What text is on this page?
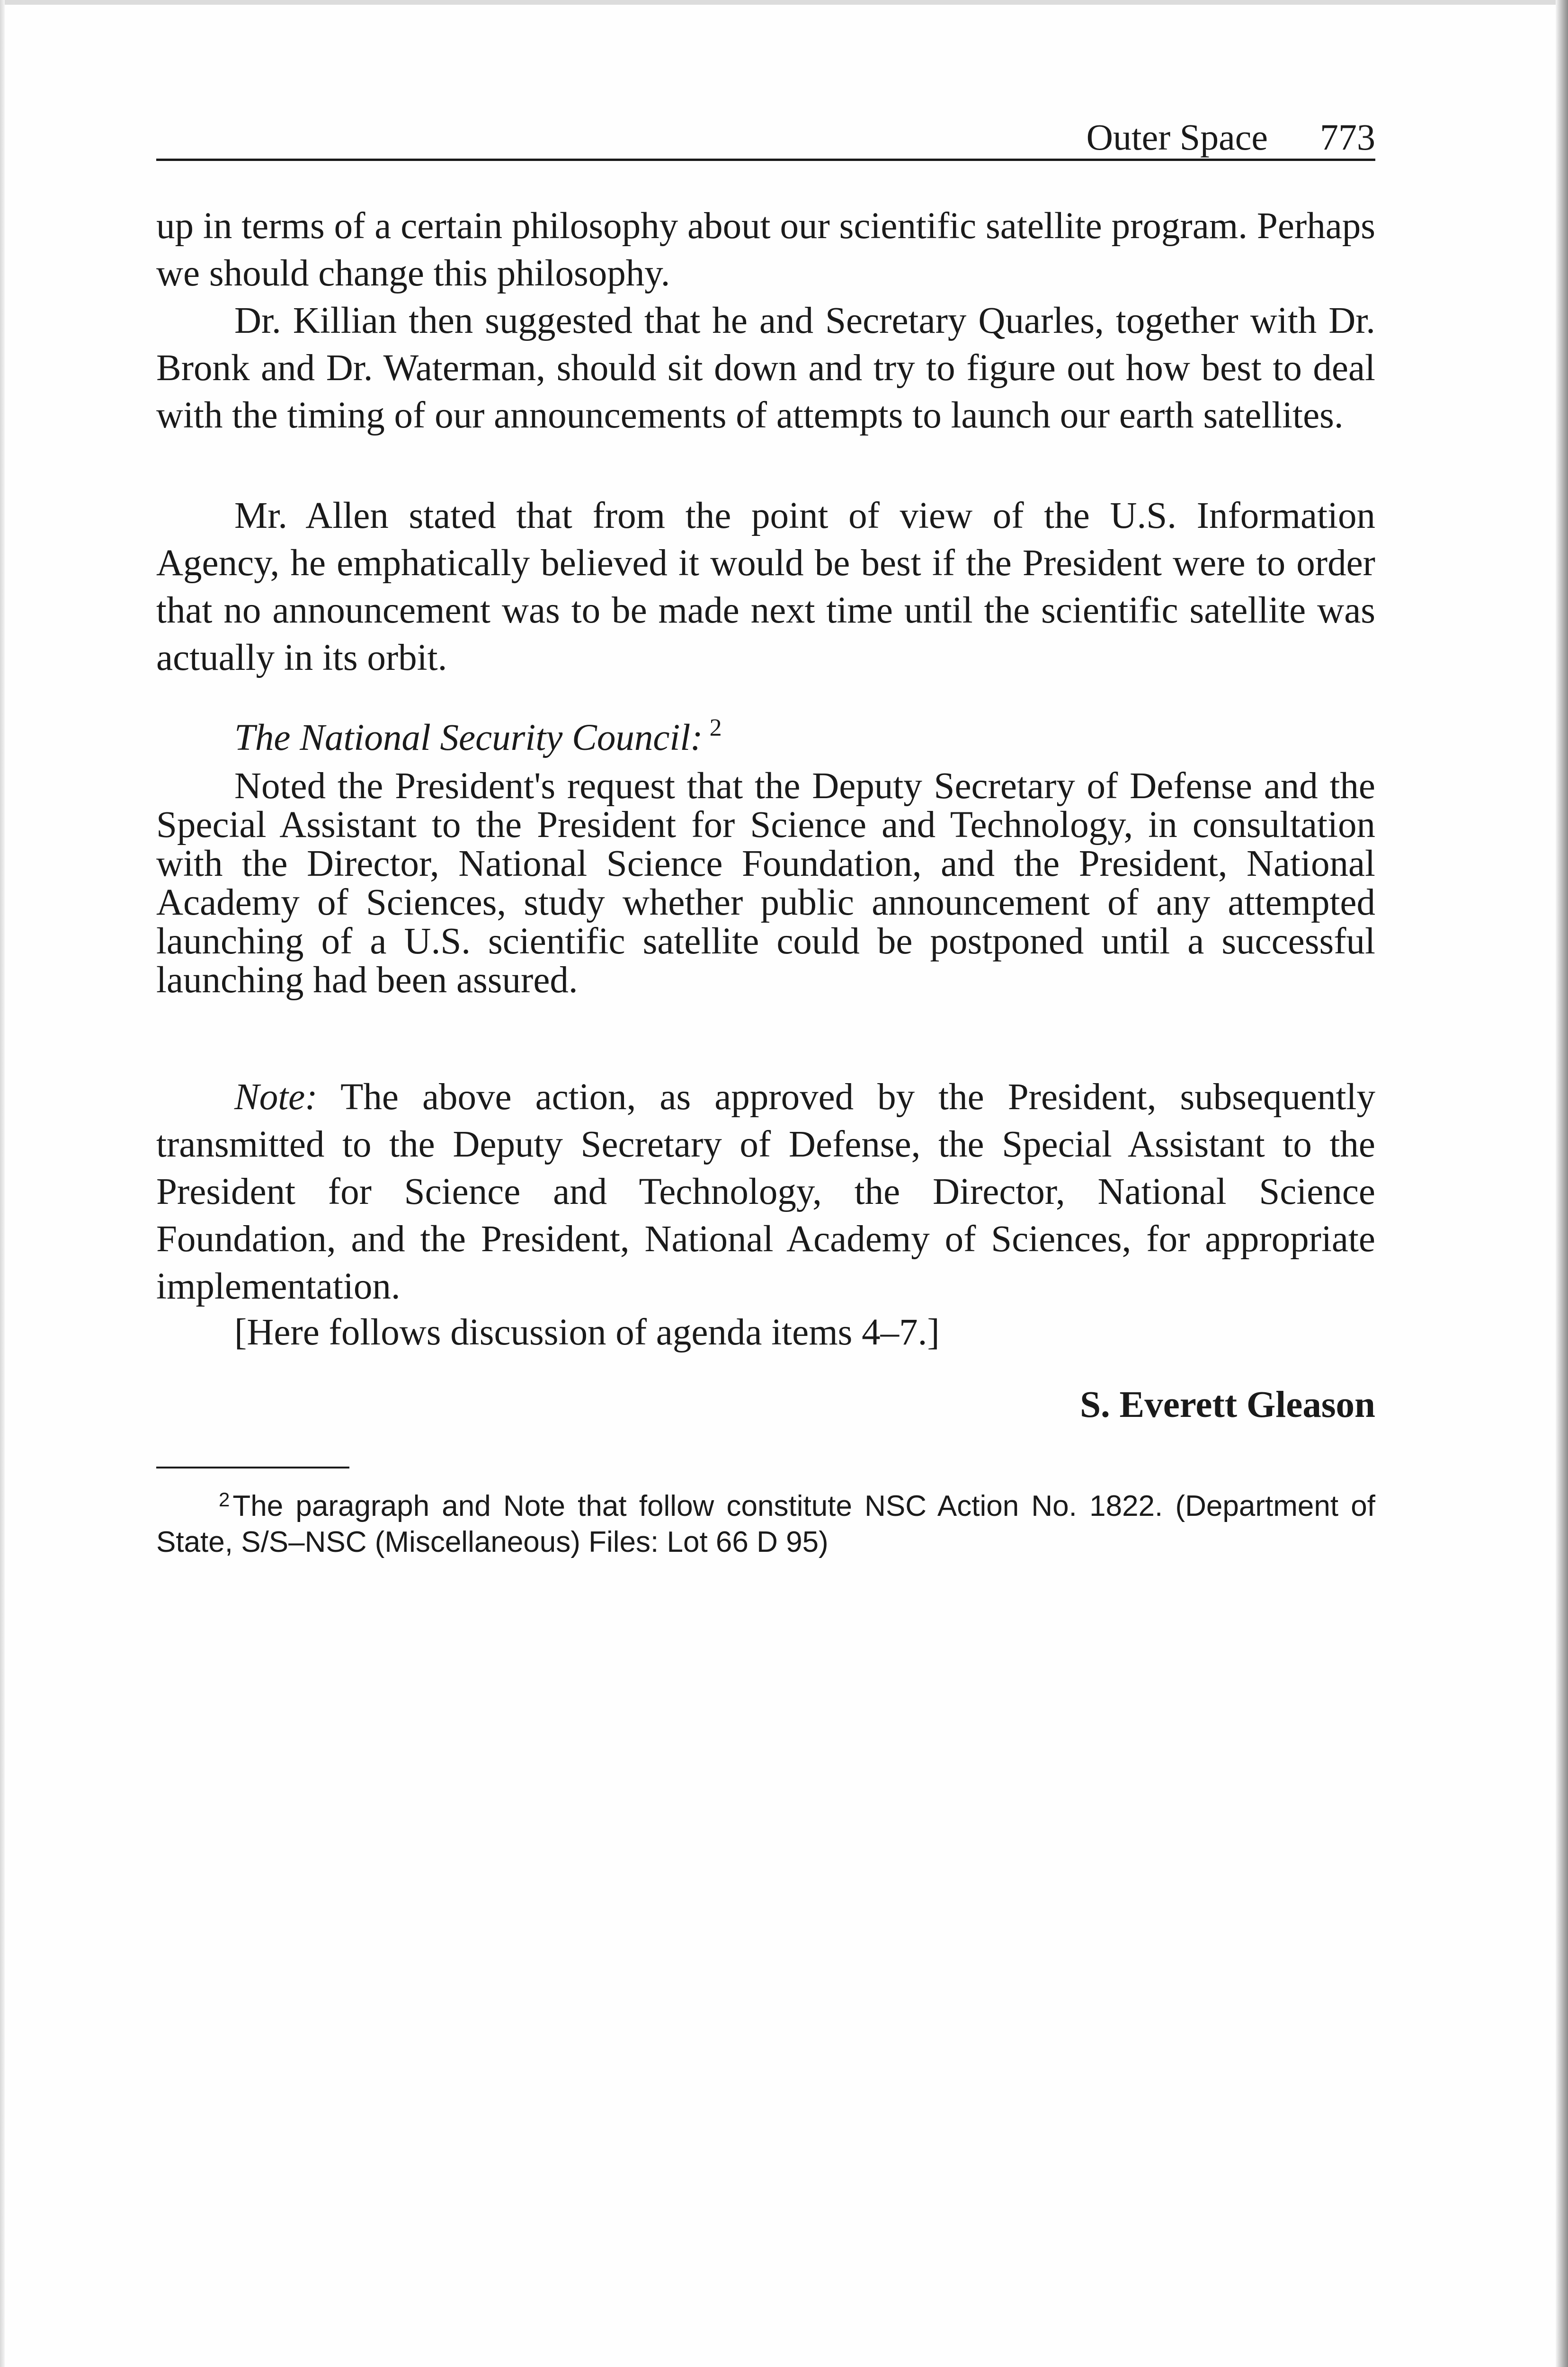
Outer Space 773

up in terms of a certain philosophy about our scientific satellite program. Perhaps we should change this philosophy.

Dr. Killian then suggested that he and Secretary Quarles, together with Dr. Bronk and Dr. Waterman, should sit down and try to figure out how best to deal with the timing of our announcements of attempts to launch our earth satellites.

Mr. Allen stated that from the point of view of the U.S. Information Agency, he emphatically believed it would be best if the President were to order that no announcement was to be made next time until the scientific satellite was actually in its orbit.

The National Security Council: $^2$

Noted the President's request that the Deputy Secretary of Defense and the Special Assistant to the President for Science and Technology, in consultation with the Director, National Science Foundation, and the President, National Academy of Sciences, study whether public announcement of any attempted launching of a U.S. scientific satellite could be postponed until a successful launching had been assured.

Note: The above action, as approved by the President, subsequently transmitted to the Deputy Secretary of Defense, the Special Assistant to the President for Science and Technology, the Director, National Science Foundation, and the President, National Academy of Sciences, for appropriate implementation.

[Here follows discussion of agenda items 4–7.]

S. Everett Gleason
2The paragraph and Note that follow constitute NSC Action No. 1822. (Department of State, S/S–NSC (Miscellaneous) Files: Lot 66 D 95)
